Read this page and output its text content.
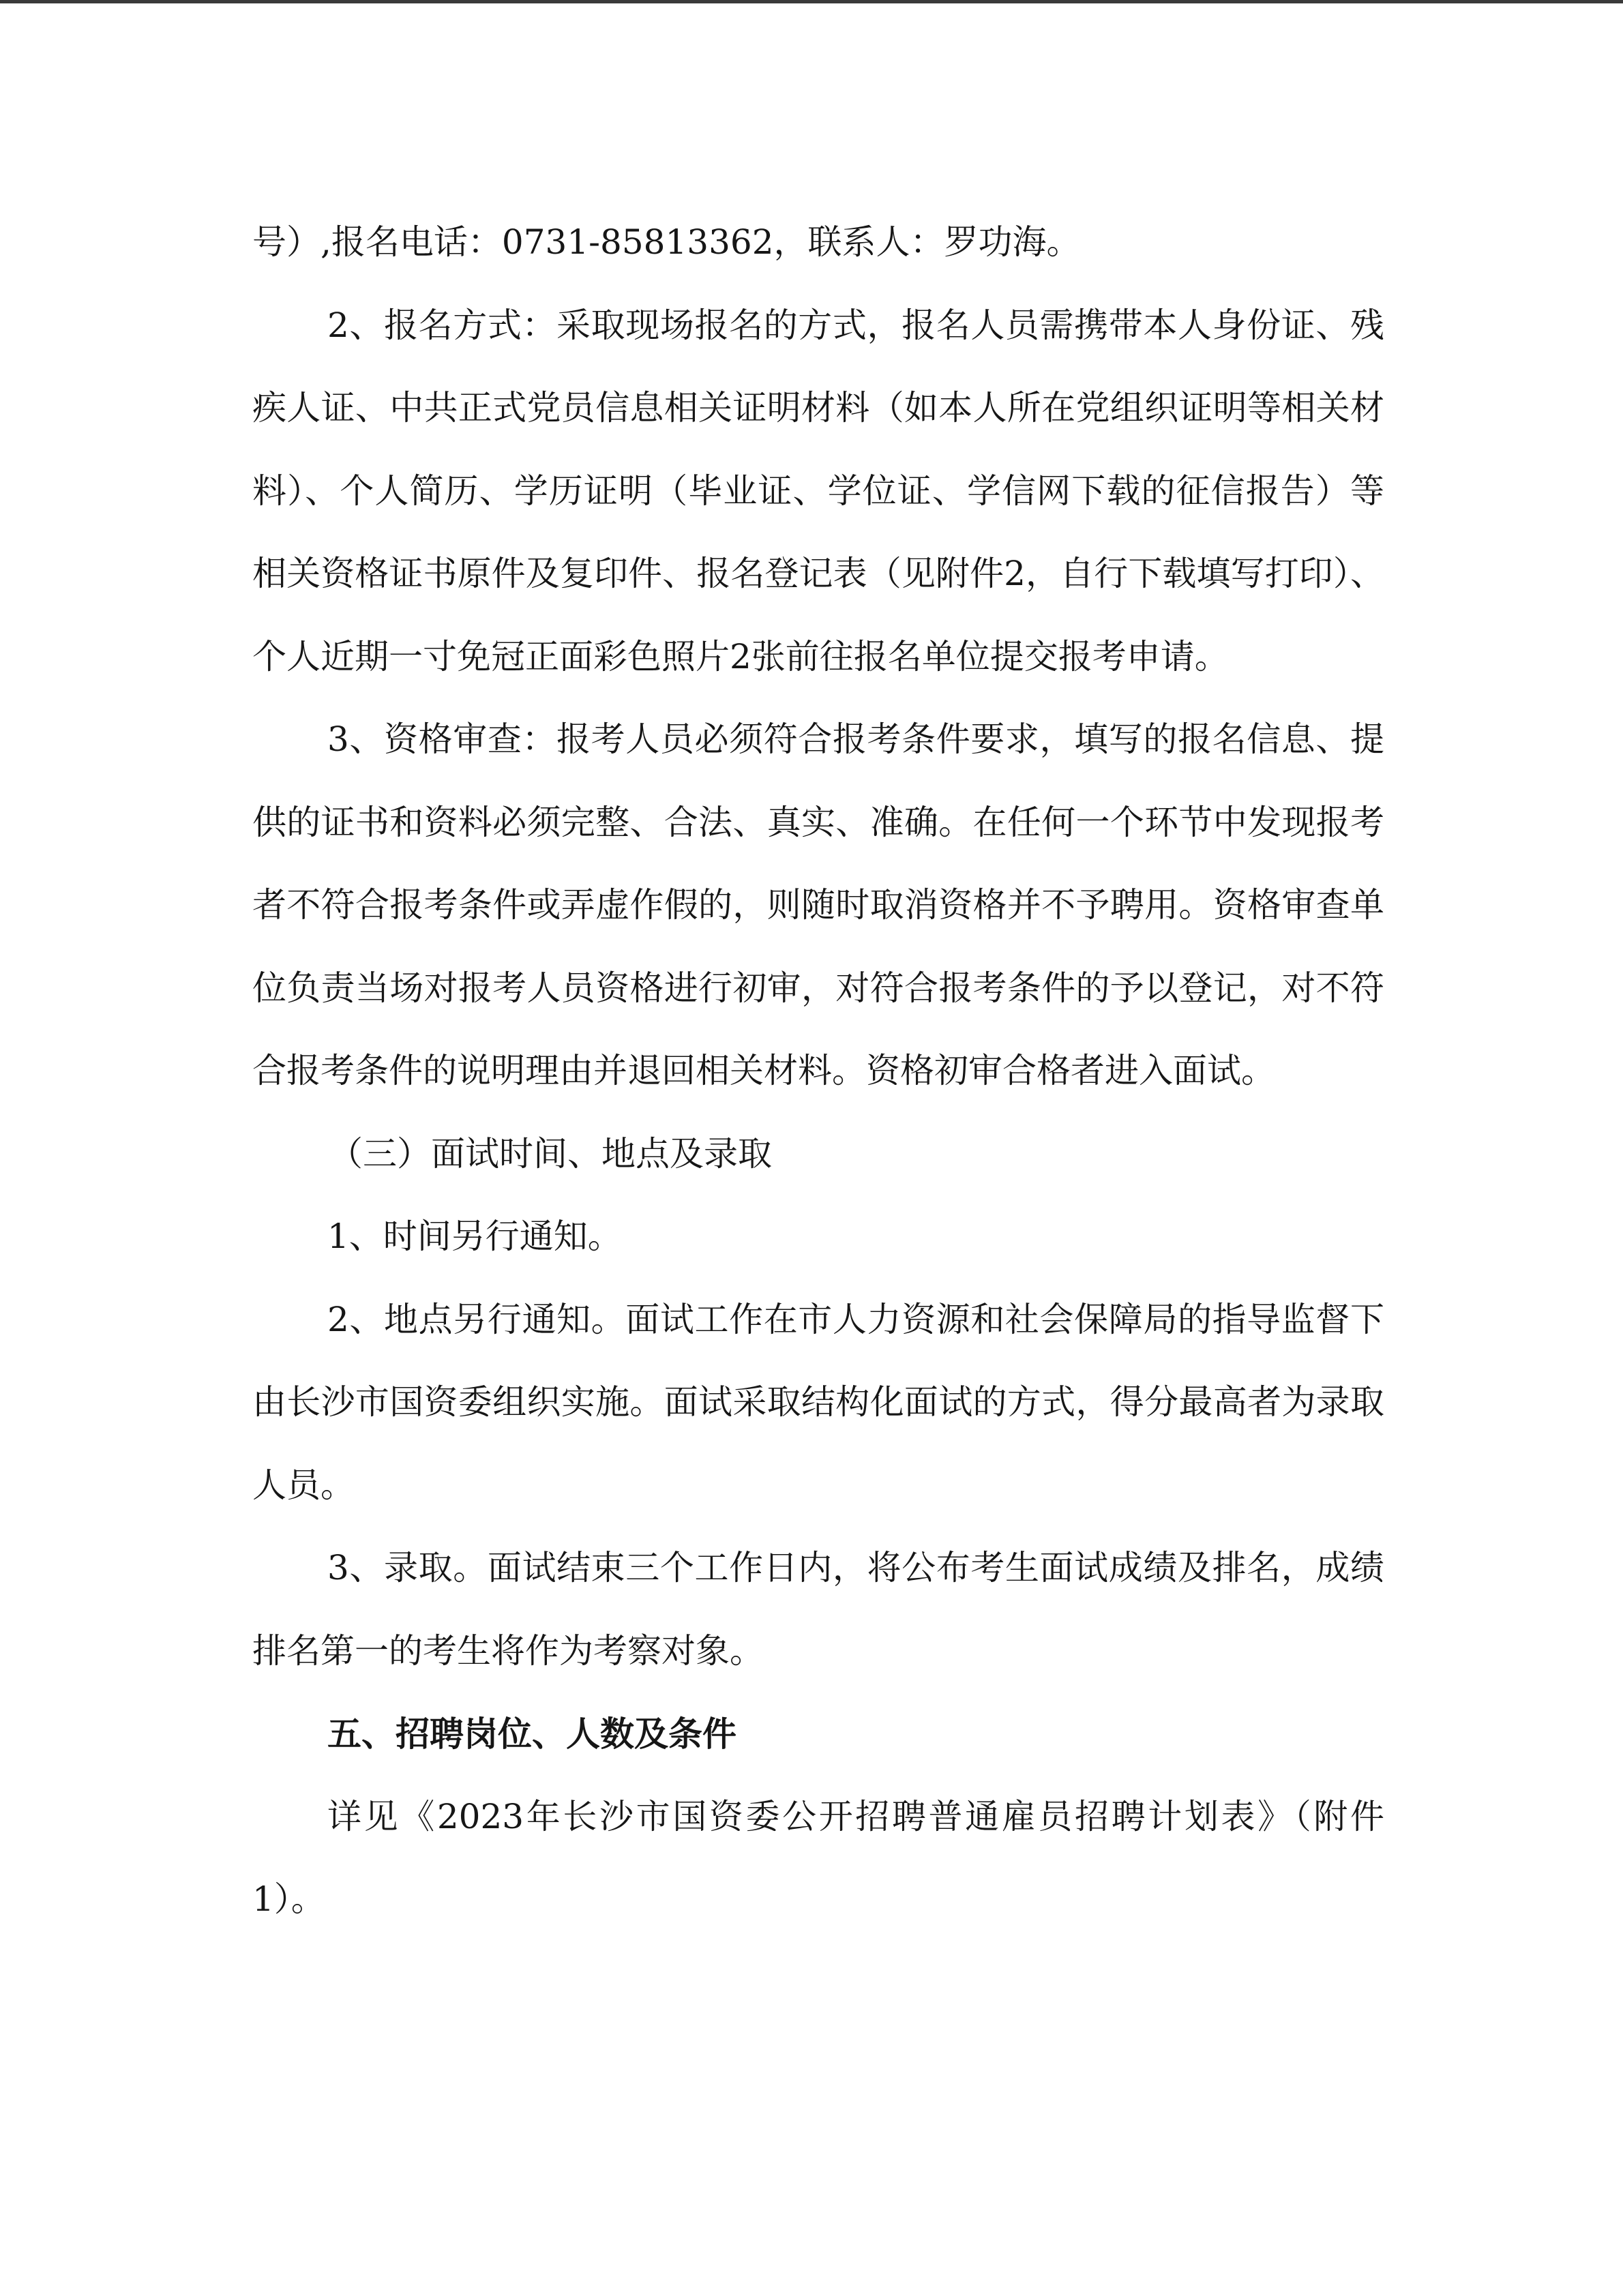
号）,报名电话：0731-85813362，联系人：罗功海。

2、报名方式：采取现场报名的方式，报名人员需携带本人身份证、残疾人证、中共正式党员信息相关证明材料（如本人所在党组织证明等相关材料）、个人简历、学历证明（毕业证、学位证、学信网下载的征信报告）等相关资格证书原件及复印件、报名登记表（见附件2，自行下载填写打印）、个人近期一寸免冠正面彩色照片2张前往报名单位提交报考申请。

3、资格审查：报考人员必须符合报考条件要求，填写的报名信息、提供的证书和资料必须完整、合法、真实、准确。在任何一个环节中发现报考者不符合报考条件或弄虚作假的，则随时取消资格并不予聘用。资格审查单位负责当场对报考人员资格进行初审，对符合报考条件的予以登记，对不符合报考条件的说明理由并退回相关材料。资格初审合格者进入面试。

（三）面试时间、地点及录取

1、时间另行通知。

2、地点另行通知。面试工作在市人力资源和社会保障局的指导监督下由长沙市国资委组织实施。面试采取结构化面试的方式，得分最高者为录取人员。

3、录取。面试结束三个工作日内，将公布考生面试成绩及排名，成绩排名第一的考生将作为考察对象。

五、招聘岗位、人数及条件

详见《2023年长沙市国资委公开招聘普通雇员招聘计划表》（附件1）。
